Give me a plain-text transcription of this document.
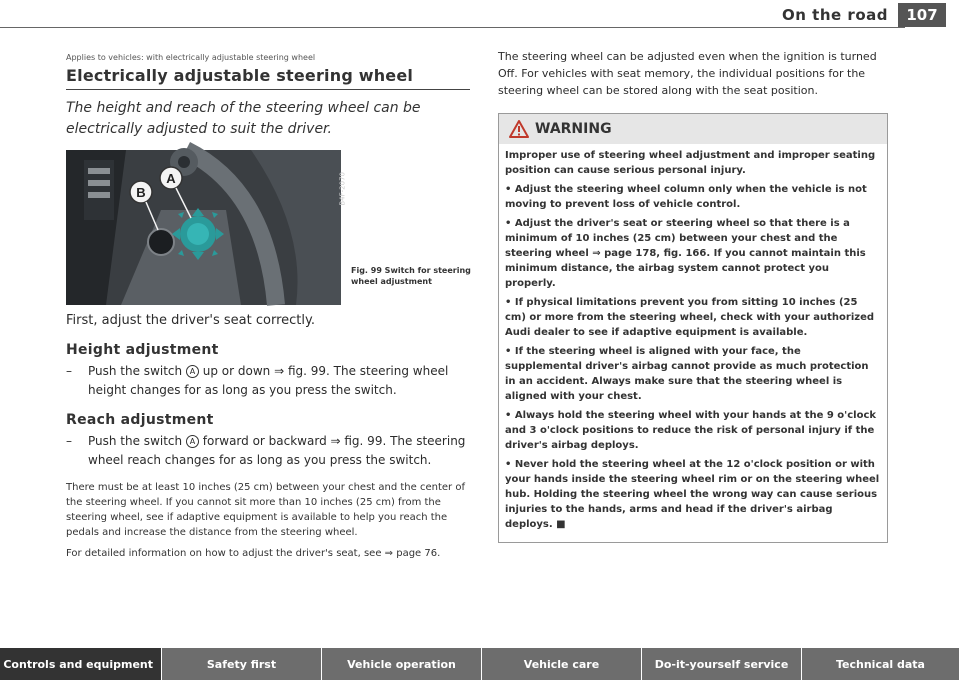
On the road	107
Applies to vehicles: with electrically adjustable steering wheel
Electrically adjustable steering wheel
The height and reach of the steering wheel can be electrically adjusted to suit the driver.
B
A	B4F-2070
Fig. 99 Switch for steering wheel adjustment

First, adjust the driver's seat correctly.

Height adjustment
–	Push the switch A up or down ⇒ fig. 99. The steering wheel height changes for as long as you press the switch.
Reach adjustment
–	Push the switch A forward or backward ⇒ fig. 99. The steering wheel reach changes for as long as you press the switch.
There must be at least 10 inches (25 cm) between your chest and the center of the steering wheel. If you cannot sit more than 10 inches (25 cm) from the steering wheel, see if adaptive equipment is available to help you reach the pedals and increase the distance from the steering wheel.
For detailed information on how to adjust the driver's seat, see ⇒ page 76.

The steering wheel can be adjusted even when the ignition is turned Off. For vehicles with seat memory, the individual positions for the steering wheel can be stored along with the seat position.

WARNING

Improper use of steering wheel adjustment and improper seating position can cause serious personal injury.

• Adjust the steering wheel column only when the vehicle is not moving to prevent loss of vehicle control.

• Adjust the driver's seat or steering wheel so that there is a minimum of 10 inches (25 cm) between your chest and the steering wheel ⇒ page 178, fig. 166. If you cannot maintain this minimum distance, the airbag system cannot protect you properly.

• If physical limitations prevent you from sitting 10 inches (25 cm) or more from the steering wheel, check with your authorized Audi dealer to see if adaptive equipment is available.

• If the steering wheel is aligned with your face, the supplemental driver's airbag cannot provide as much protection in an accident. Always make sure that the steering wheel is aligned with your chest.

• Always hold the steering wheel with your hands at the 9 o'clock and 3 o'clock positions to reduce the risk of personal injury if the driver's airbag deploys.

• Never hold the steering wheel at the 12 o'clock position or with your hands inside the steering wheel rim or on the steering wheel hub. Holding the steering wheel the wrong way can cause serious injuries to the hands, arms and head if the driver's airbag deploys. ■

Controls and equipment	Safety first	Vehicle operation	Vehicle care	Do-it-yourself service	Technical data
